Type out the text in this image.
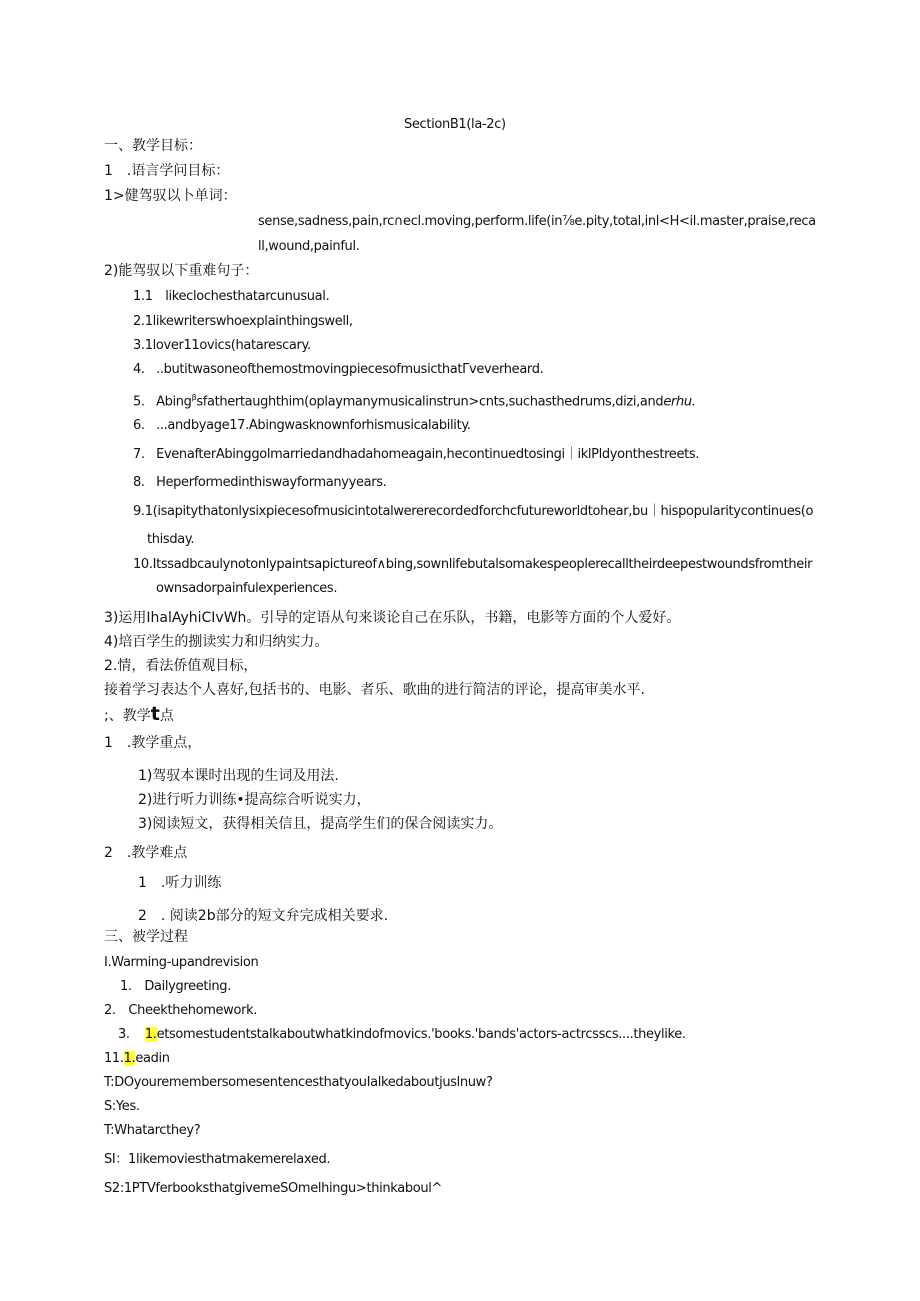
SectionB1(la-2c)
一、教学目标：
1　.语言学问目标：
1>健驾驭以卜单词：
sense,sadness,pain,rc∩ecl.moving,perform.life(in⅞e.pity,total,inl<H<il.master,praise,reca
ll,wound,painful.
2)能驾驭以下重难句子：
1.1　likeclochesthatarcunusual.
2.1likewriterswhoexplainthingswell,
3.1lover11ovics(hatarescary.
4. ..butitwasoneofthemostmovingpiecesofmusicthatΓveverheard.
5. Abing$^\beta$sfathertaughthim(oplaymanymusicalinstrun>cnts,suchasthedrums,dizi,anderhu.
6. ...andbyage17.Abingwasknownforhismusicalability.
7. EvenafterAbinggolmarriedandhadahomeagain,hecontinuedtosingi｜iklPldyonthestreets.
8. Heperformedinthiswayformanyyears.
9.1(isapitythatonlysixpiecesofmusicintotalwererecordedforchcfutureworldtohear,bu｜hispopularitycontinues(o
thisday.
10.Itssadbcaulynotonlypaintsapictureof∧bing,sownlifebutalsomakespeoplerecalltheirdeepestwoundsfromtheir
ownsadorpainfulexperiences.
3)运用IhalAyhiCIvWh。引导的定语从句来谈论自己在乐队，书籍，电影等方面的个人爱好。
4)培百学生的捌读实力和归纳实力。
2.情，看法侨值观目标，
接着学习表达个人喜好,包括书的、电影、者乐、歌曲的进行简洁的评论，提高审美水平.
;、教学t点
1　.教学重点，
1)驾驭本课时出现的生词及用法.
2)进行听力训练•提高综合听说实力，
3)阅读短文，获得相关信且，提高学生们的保合阅读实力。
2　.教学难点
1　.听力训练
2　. 阅读2b部分的短文弁完成相关要求.
三、被学过程
I.Warming-upandrevision
1.　Dailygreeting.
2.　Cheekthehomework.
3. 1.etsomestudentstalkaboutwhatkindofmovics.'books.'bands'actors-actrcsscs....theylike.
11.1.eadin
T:DOyouremembersomesentencesthatyouIalkedaboutjuslnuw?
S:Yes.
T:Whatarcthey?
SI：1likemoviesthatmakemerelaxed.
S2:1PTVferbooksthatgivemeSOmelhingu>thinkaboul^
